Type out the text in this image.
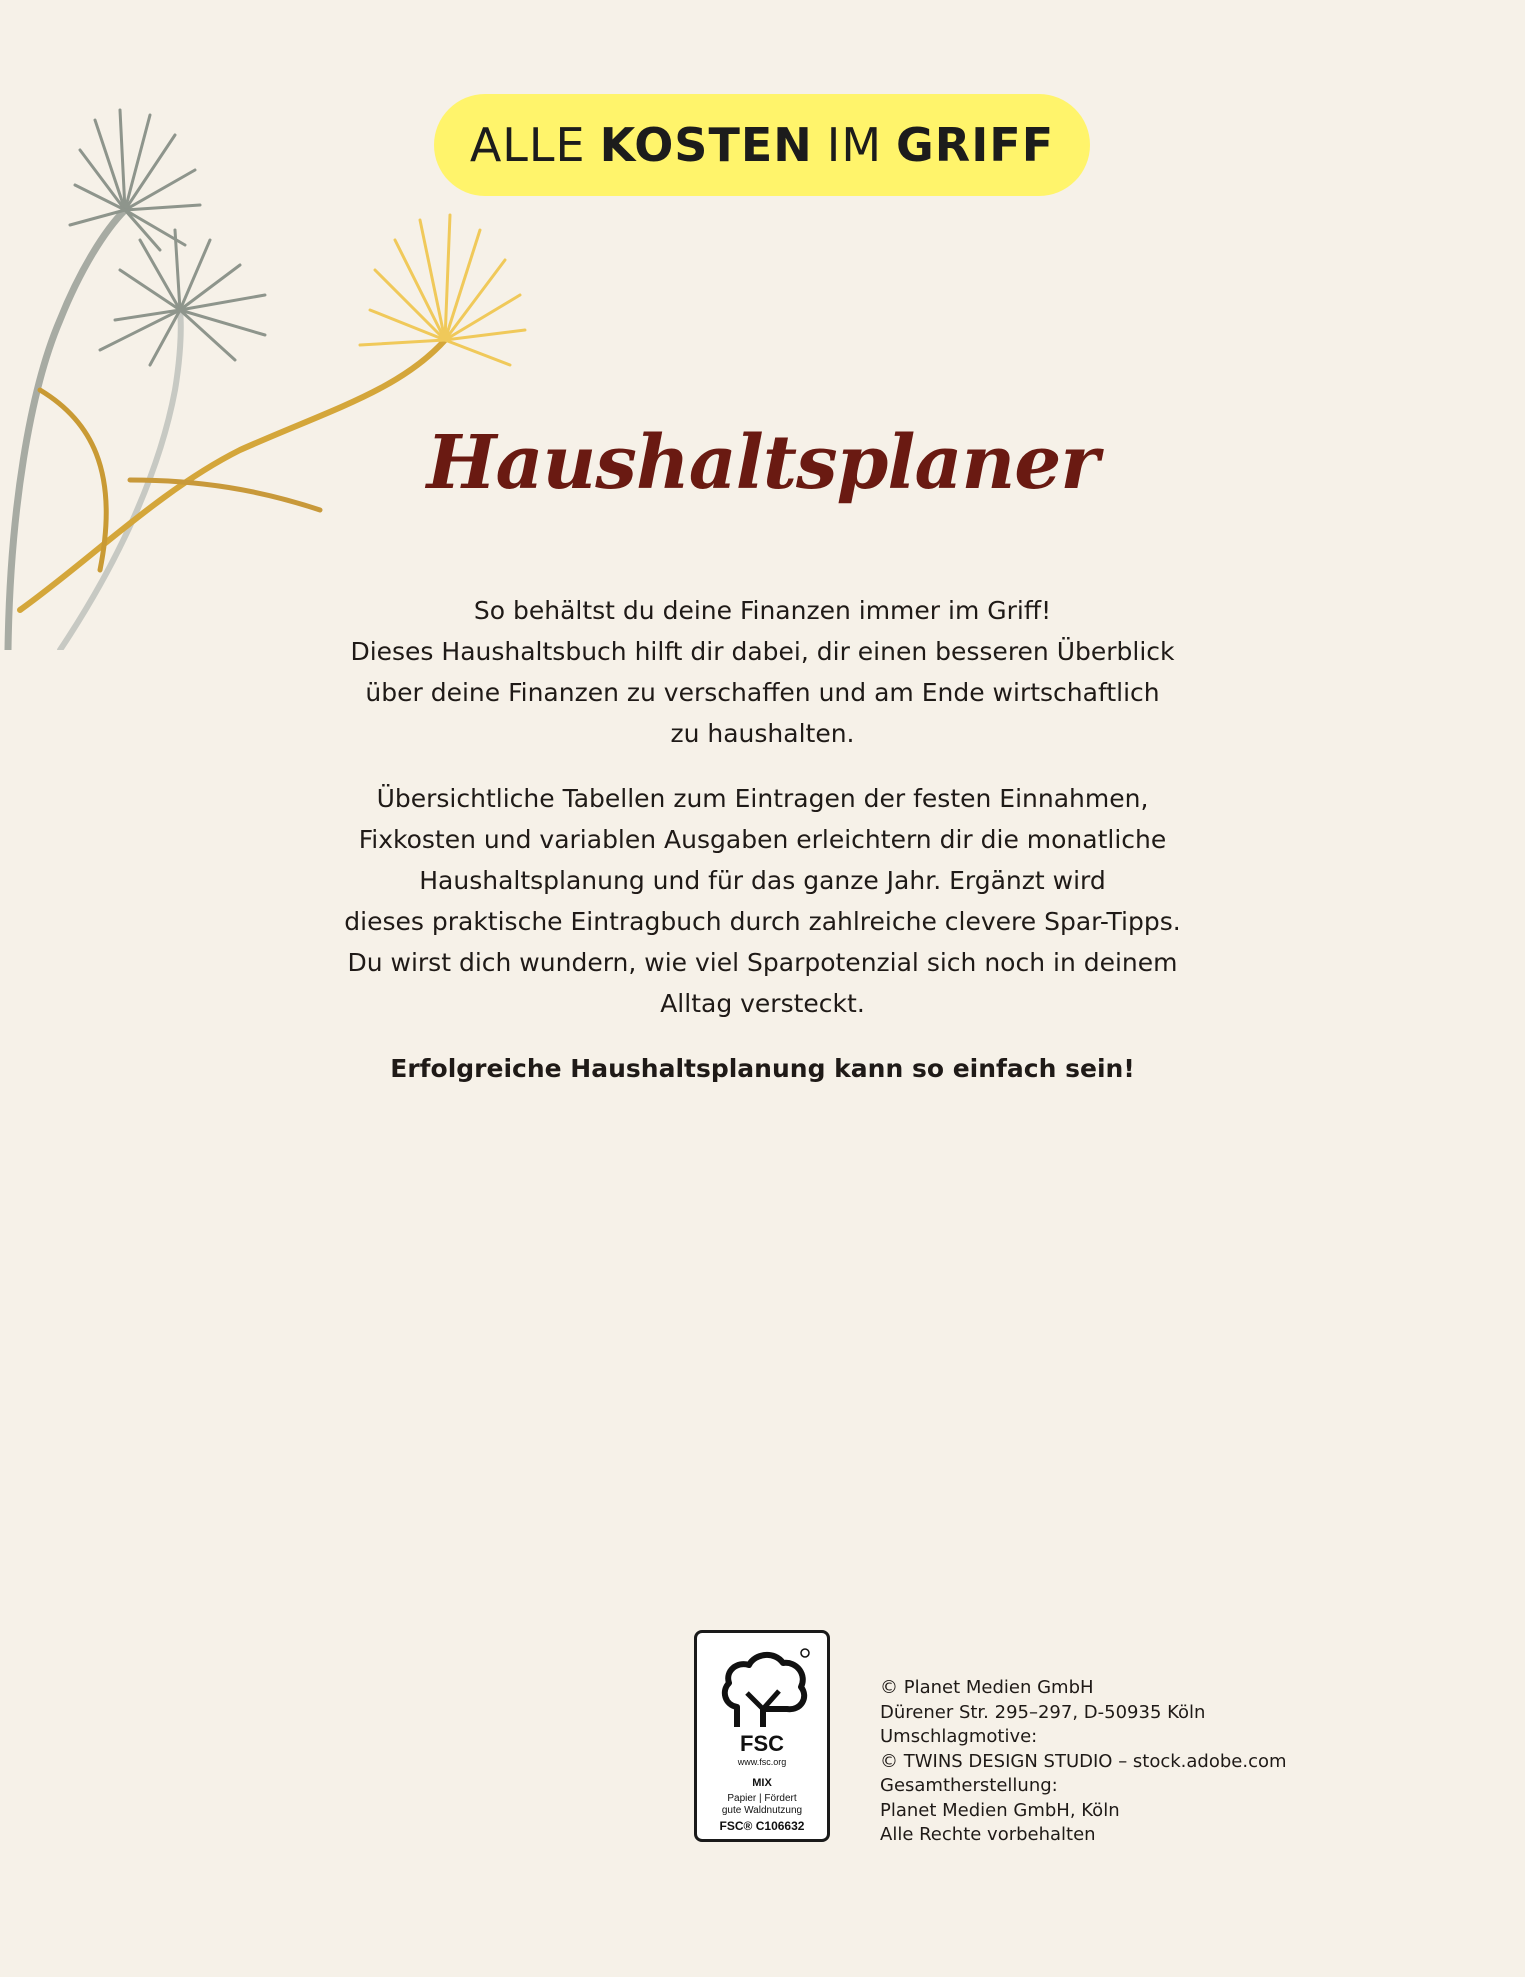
ALLE KOSTEN IM GRIFF
Haushaltsplaner

So behältst du deine Finanzen immer im Griff!
Dieses Haushaltsbuch hilft dir dabei, dir einen besseren Überblick
über deine Finanzen zu verschaffen und am Ende wirtschaftlich
zu haushalten.

Übersichtliche Tabellen zum Eintragen der festen Einnahmen,
Fixkosten und variablen Ausgaben erleichtern dir die monatliche
Haushaltsplanung und für das ganze Jahr. Ergänzt wird
dieses praktische Eintragbuch durch zahlreiche clevere Spar-Tipps.
Du wirst dich wundern, wie viel Sparpotenzial sich noch in deinem
Alltag versteckt.

Erfolgreiche Haushaltsplanung kann so einfach sein!

FSC
www.fsc.org
MIX
Papier | Fördert
gute Waldnutzung
FSC® C106632
© Planet Medien GmbH
Dürener Str. 295–297, D-50935 Köln
Umschlagmotive:
© TWINS DESIGN STUDIO – stock.adobe.com
Gesamtherstellung:
Planet Medien GmbH, Köln
Alle Rechte vorbehalten
